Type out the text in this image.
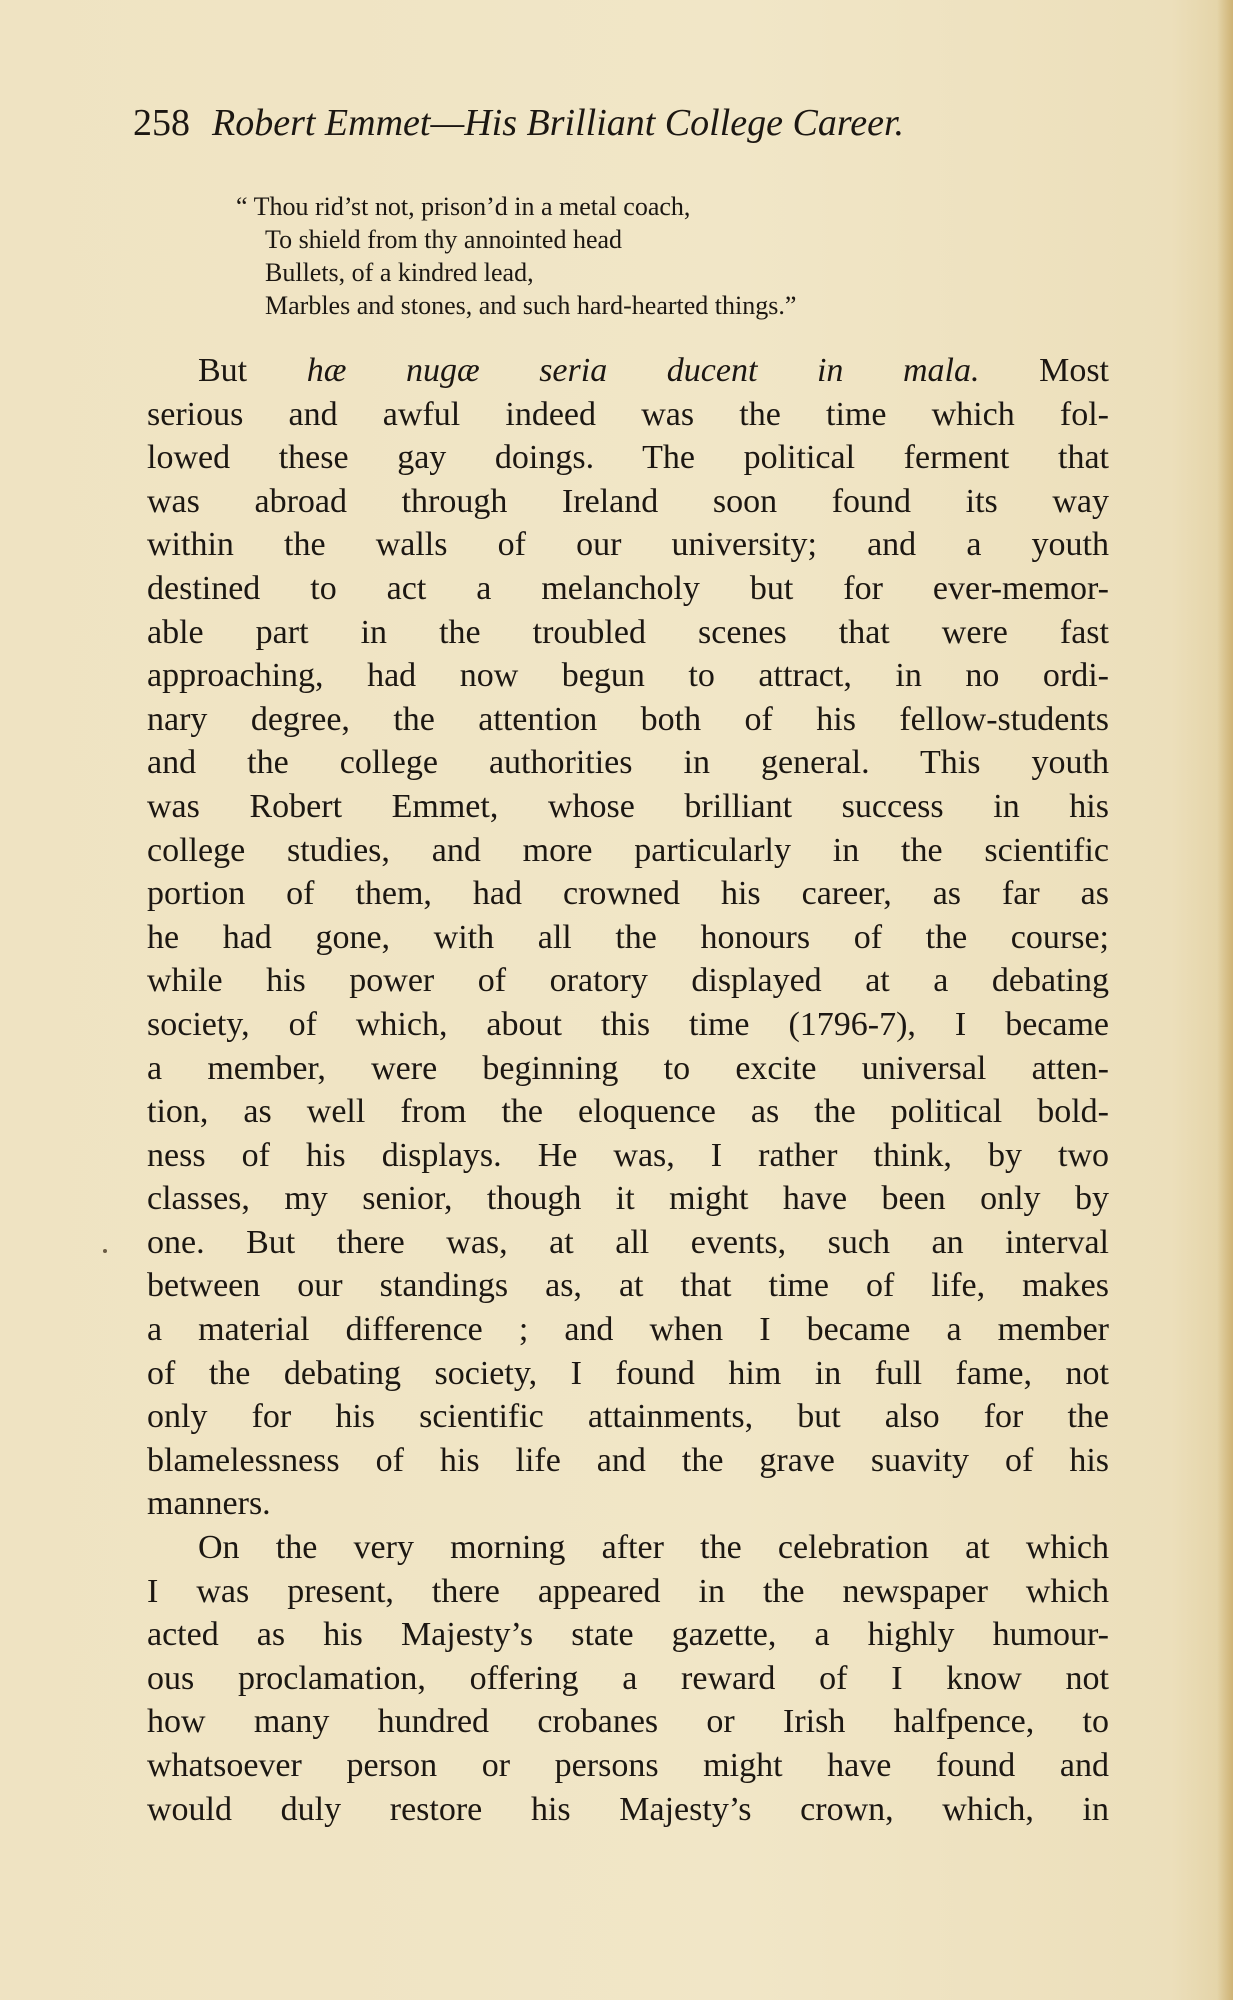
258 Robert Emmet—His Brilliant College Career.
“ Thou rid’st not, prison’d in a metal coach,
To shield from thy annointed head
Bullets, of a kindred lead,
Marbles and stones, and such hard-hearted things.”
But hæ nugæ seria ducent in mala. Most
serious and awful indeed was the time which fol-
lowed these gay doings. The political ferment that
was abroad through Ireland soon found its way
within the walls of our university; and a youth
destined to act a melancholy but for ever-memor-
able part in the troubled scenes that were fast
approaching, had now begun to attract, in no ordi-
nary degree, the attention both of his fellow-students
and the college authorities in general. This youth
was Robert Emmet, whose brilliant success in his
college studies, and more particularly in the scientific
portion of them, had crowned his career, as far as
he had gone, with all the honours of the course;
while his power of oratory displayed at a debating
society, of which, about this time (1796-7), I became
a member, were beginning to excite universal atten-
tion, as well from the eloquence as the political bold-
ness of his displays. He was, I rather think, by two
classes, my senior, though it might have been only by
one. But there was, at all events, such an interval
between our standings as, at that time of life, makes
a material difference ; and when I became a member
of the debating society, I found him in full fame, not
only for his scientific attainments, but also for the
blamelessness of his life and the grave suavity of his
manners.
On the very morning after the celebration at which
I was present, there appeared in the newspaper which
acted as his Majesty’s state gazette, a highly humour-
ous proclamation, offering a reward of I know not
how many hundred crobanes or Irish halfpence, to
whatsoever person or persons might have found and
would duly restore his Majesty’s crown, which, in
